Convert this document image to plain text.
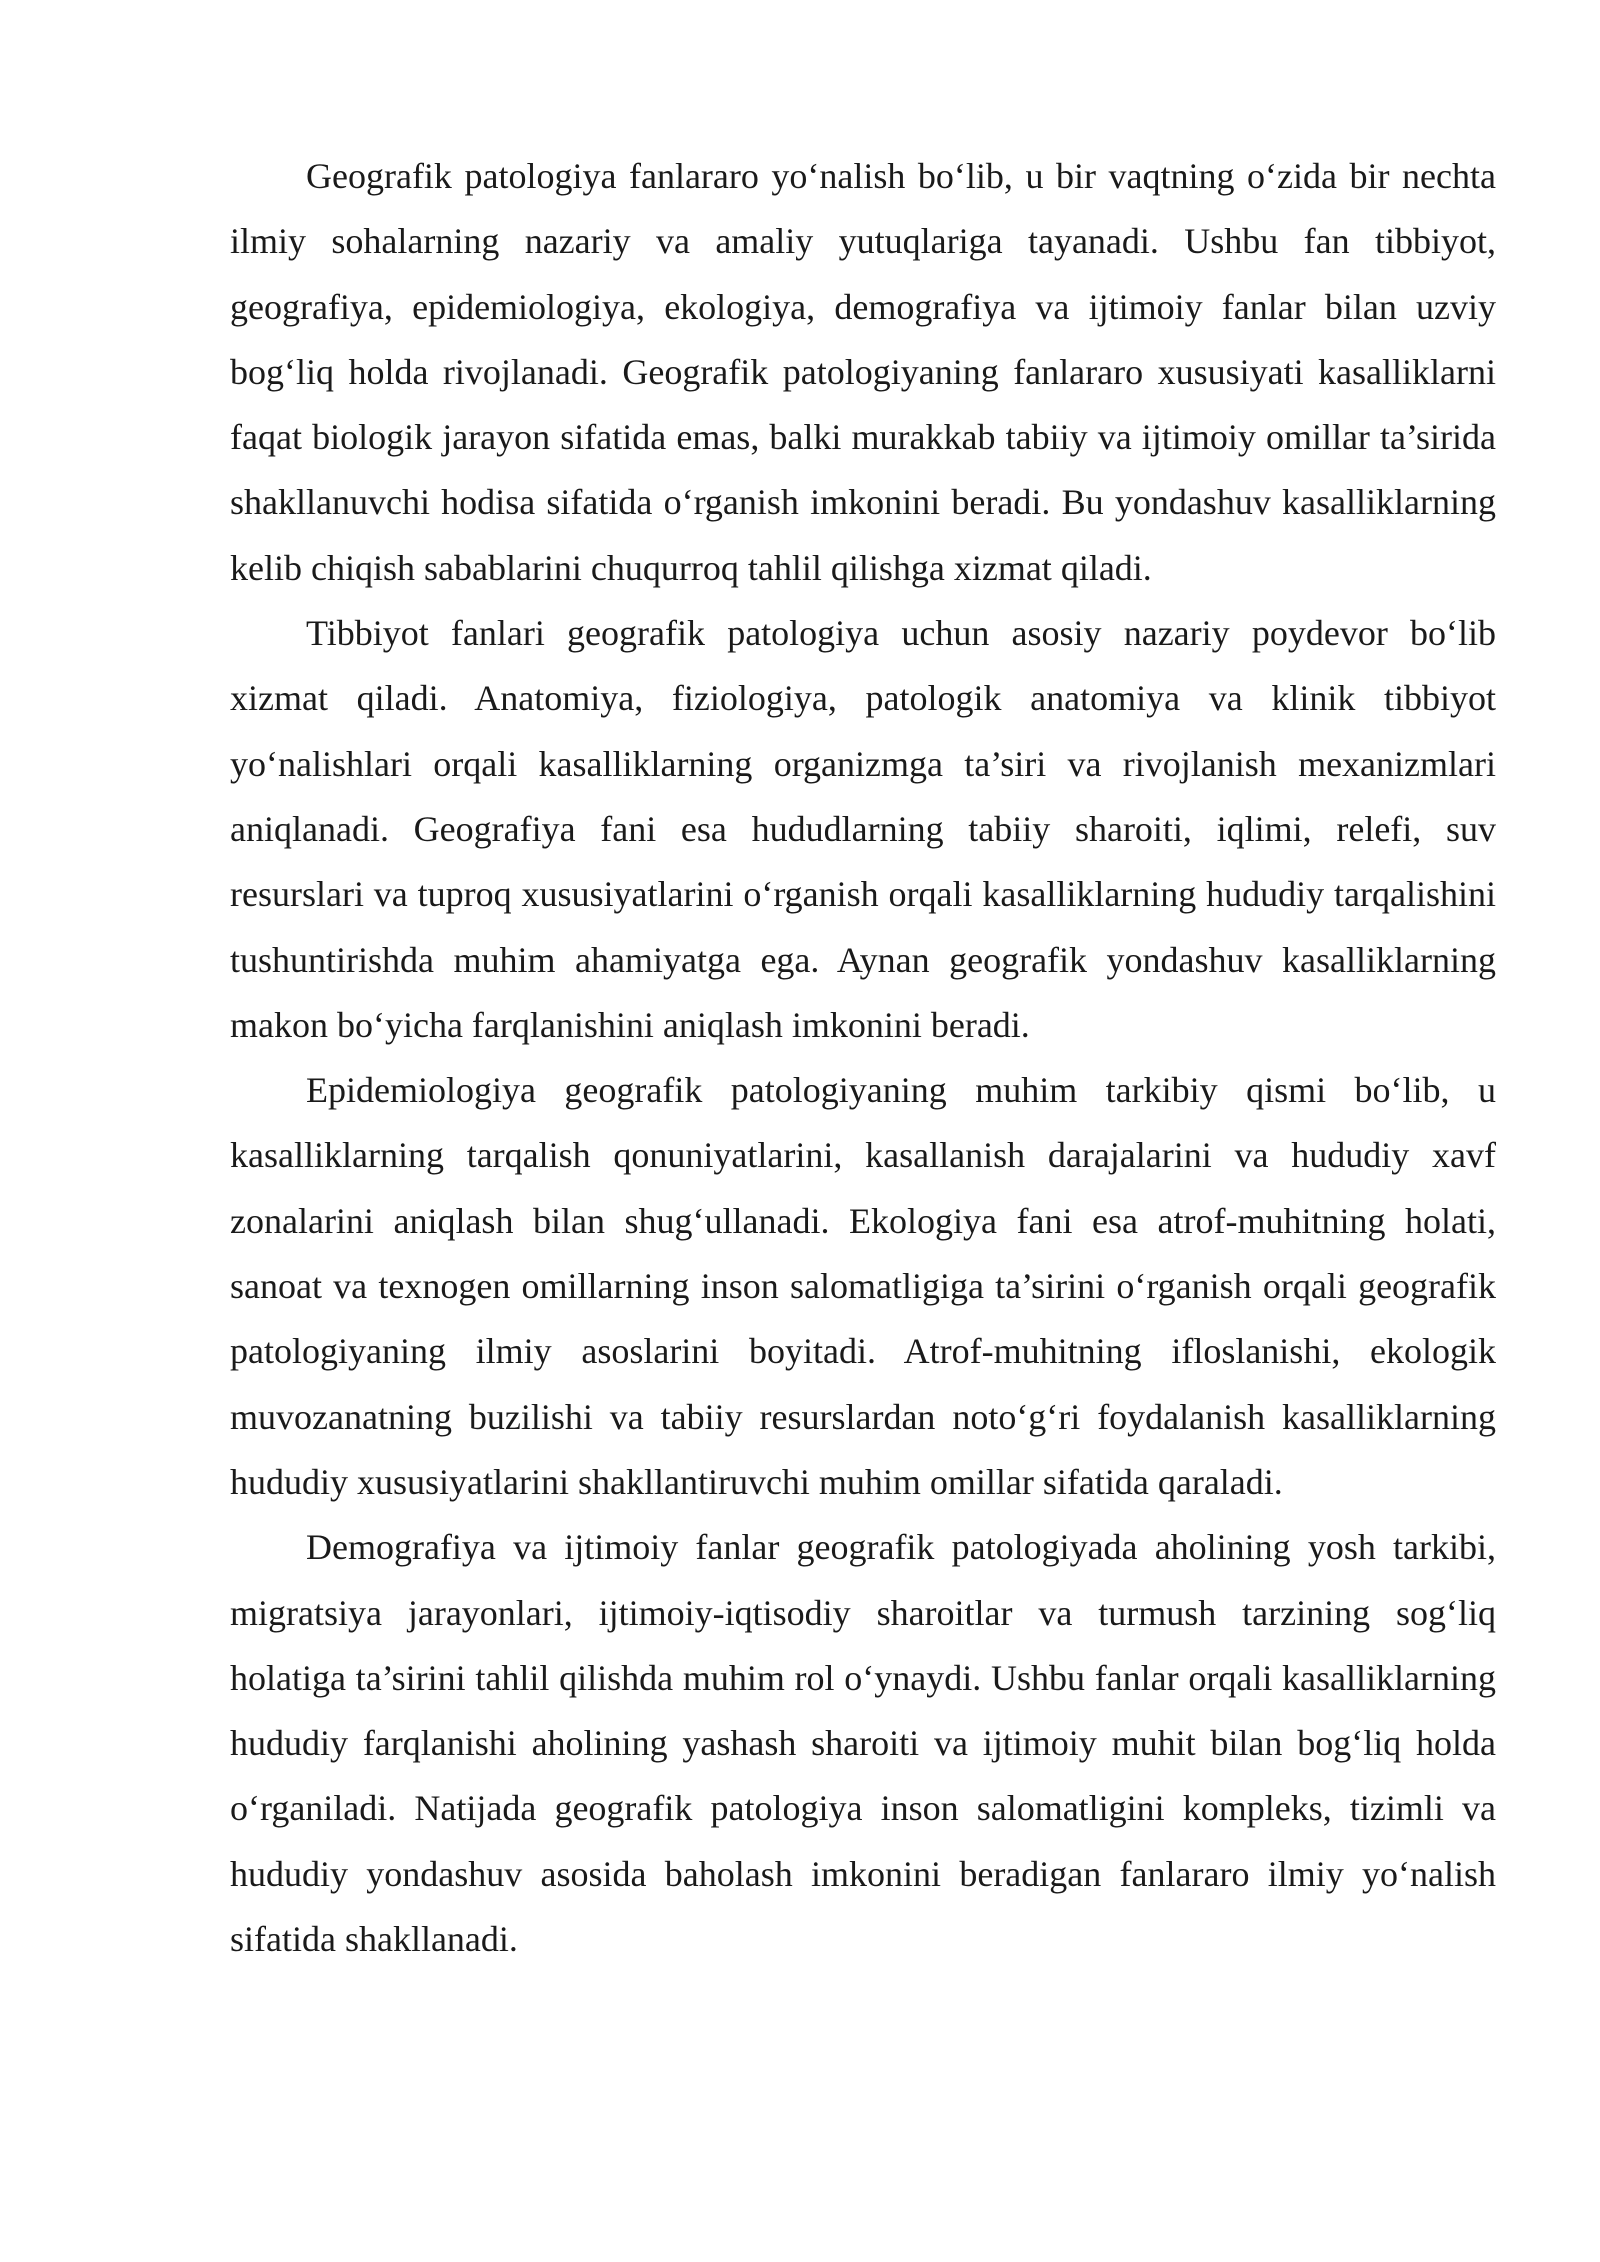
Geografik patologiya fanlararo yo‘nalish bo‘lib, u bir vaqtning o‘zida bir nechta ilmiy sohalarning nazariy va amaliy yutuqlariga tayanadi. Ushbu fan tibbiyot, geografiya, epidemiologiya, ekologiya, demografiya va ijtimoiy fanlar bilan uzviy bog‘liq holda rivojlanadi. Geografik patologiyaning fanlararo xususiyati kasalliklarni faqat biologik jarayon sifatida emas, balki murakkab tabiiy va ijtimoiy omillar ta’sirida shakllanuvchi hodisa sifatida o‘rganish imkonini beradi. Bu yondashuv kasalliklarning kelib chiqish sabablarini chuqurroq tahlil qilishga xizmat qiladi.

Tibbiyot fanlari geografik patologiya uchun asosiy nazariy poydevor bo‘lib xizmat qiladi. Anatomiya, fiziologiya, patologik anatomiya va klinik tibbiyot yo‘nalishlari orqali kasalliklarning organizmga ta’siri va rivojlanish mexanizmlari aniqlanadi. Geografiya fani esa hududlarning tabiiy sharoiti, iqlimi, relefi, suv resurslari va tuproq xususiyatlarini o‘rganish orqali kasalliklarning hududiy tarqalishini tushuntirishda muhim ahamiyatga ega. Aynan geografik yondashuv kasalliklarning makon bo‘yicha farqlanishini aniqlash imkonini beradi.

Epidemiologiya geografik patologiyaning muhim tarkibiy qismi bo‘lib, u kasalliklarning tarqalish qonuniyatlarini, kasallanish darajalarini va hududiy xavf zonalarini aniqlash bilan shug‘ullanadi. Ekologiya fani esa atrof-muhitning holati, sanoat va texnogen omillarning inson salomatligiga ta’sirini o‘rganish orqali geografik patologiyaning ilmiy asoslarini boyitadi. Atrof-muhitning ifloslanishi, ekologik muvozanatning buzilishi va tabiiy resurslardan noto‘g‘ri foydalanish kasalliklarning hududiy xususiyatlarini shakllantiruvchi muhim omillar sifatida qaraladi.

Demografiya va ijtimoiy fanlar geografik patologiyada aholining yosh tarkibi, migratsiya jarayonlari, ijtimoiy-iqtisodiy sharoitlar va turmush tarzining sog‘liq holatiga ta’sirini tahlil qilishda muhim rol o‘ynaydi. Ushbu fanlar orqali kasalliklarning hududiy farqlanishi aholining yashash sharoiti va ijtimoiy muhit bilan bog‘liq holda o‘rganiladi. Natijada geografik patologiya inson salomatligini kompleks, tizimli va hududiy yondashuv asosida baholash imkonini beradigan fanlararo ilmiy yo‘nalish sifatida shakllanadi.
